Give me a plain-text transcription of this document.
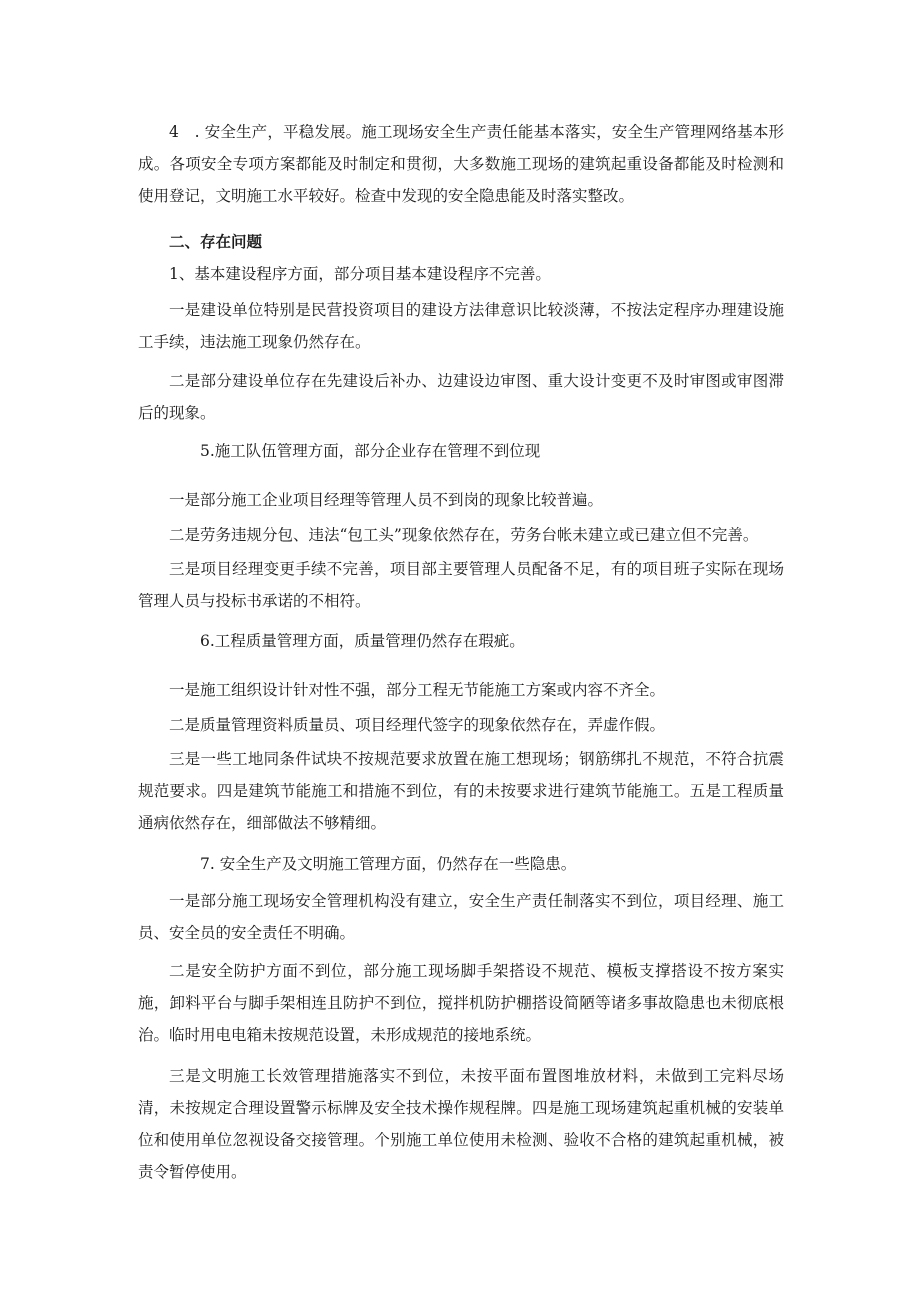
4　. 安全生产，平稳发展。施工现场安全生产责任能基本落实，安全生产管理网络基本形成。各项安全专项方案都能及时制定和贯彻，大多数施工现场的建筑起重设备都能及时检测和使用登记，文明施工水平较好。检查中发现的安全隐患能及时落实整改。

二、存在问题

1、基本建设程序方面，部分项目基本建设程序不完善。

一是建设单位特别是民营投资项目的建设方法律意识比较淡薄，不按法定程序办理建设施工手续，违法施工现象仍然存在。

二是部分建设单位存在先建设后补办、边建设边审图、重大设计变更不及时审图或审图滞后的现象。

5.施工队伍管理方面，部分企业存在管理不到位现

一是部分施工企业项目经理等管理人员不到岗的现象比较普遍。

二是劳务违规分包、违法“包工头”现象依然存在，劳务台帐未建立或已建立但不完善。

三是项目经理变更手续不完善，项目部主要管理人员配备不足，有的项目班子实际在现场管理人员与投标书承诺的不相符。

6.工程质量管理方面，质量管理仍然存在瑕疵。

一是施工组织设计针对性不强，部分工程无节能施工方案或内容不齐全。

二是质量管理资料质量员、项目经理代签字的现象依然存在，弄虚作假。

三是一些工地同条件试块不按规范要求放置在施工想现场；钢筋绑扎不规范，不符合抗震规范要求。四是建筑节能施工和措施不到位，有的未按要求进行建筑节能施工。五是工程质量通病依然存在，细部做法不够精细。

7. 安全生产及文明施工管理方面，仍然存在一些隐患。

一是部分施工现场安全管理机构没有建立，安全生产责任制落实不到位，项目经理、施工员、安全员的安全责任不明确。

二是安全防护方面不到位，部分施工现场脚手架搭设不规范、模板支撑搭设不按方案实施，卸料平台与脚手架相连且防护不到位，搅拌机防护棚搭设简陋等诸多事故隐患也未彻底根治。临时用电电箱未按规范设置，未形成规范的接地系统。

三是文明施工长效管理措施落实不到位，未按平面布置图堆放材料，未做到工完料尽场清，未按规定合理设置警示标牌及安全技术操作规程牌。四是施工现场建筑起重机械的安装单位和使用单位忽视设备交接管理。个别施工单位使用未检测、验收不合格的建筑起重机械，被责令暂停使用。
